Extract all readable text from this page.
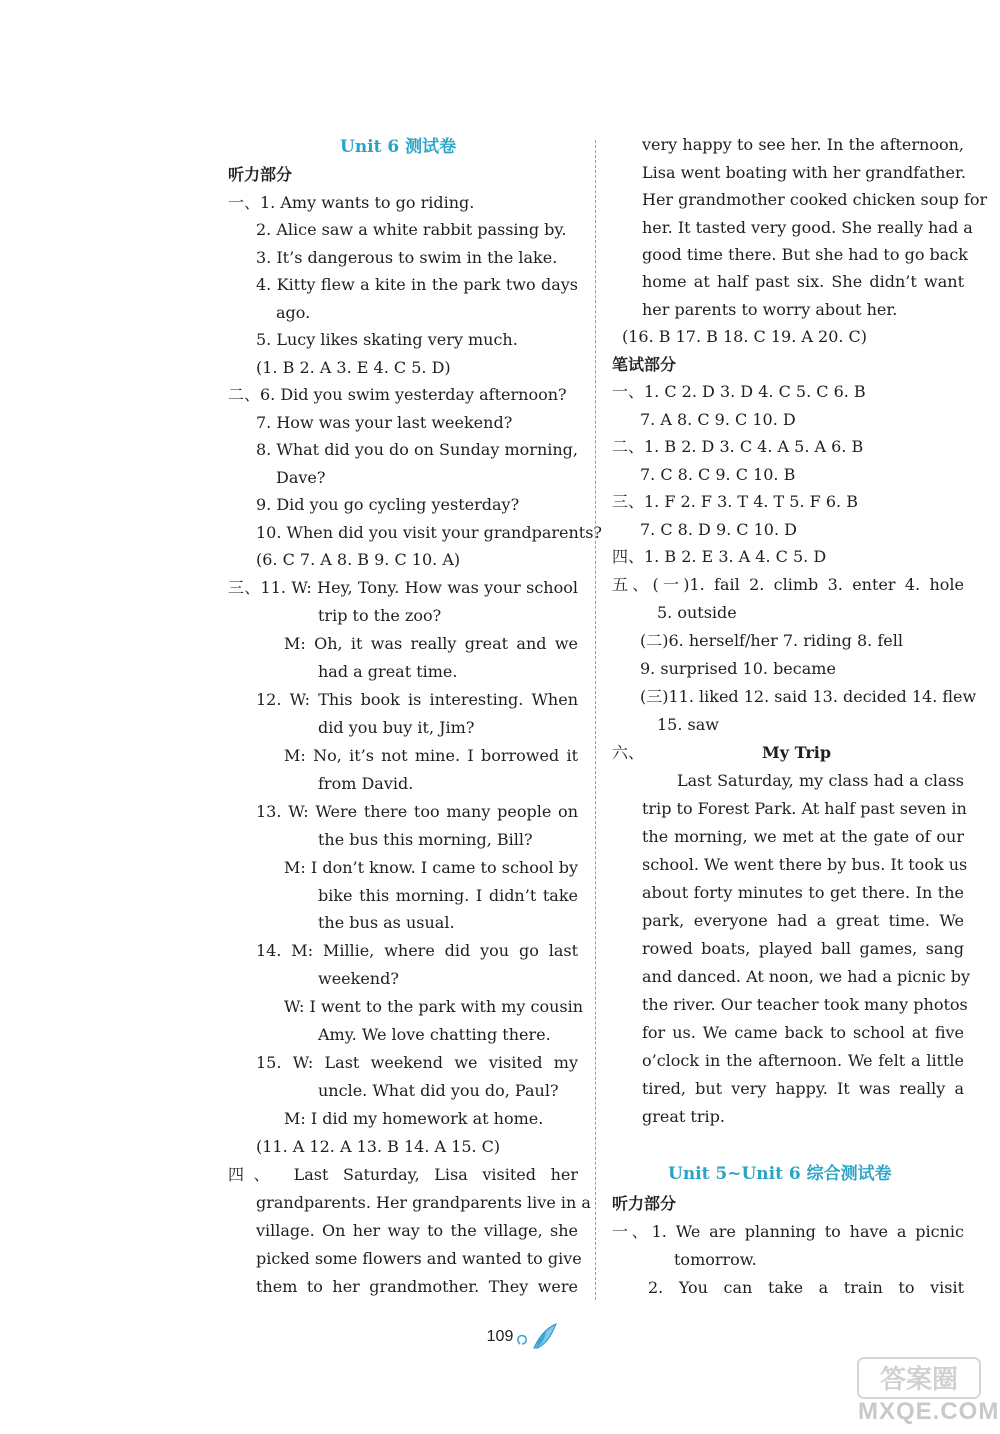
Unit 6 测试卷
听力部分
一、1. Amy wants to go riding.
2. Alice saw a white rabbit passing by.
3. It’s dangerous to swim in the lake.
4. Kitty flew a kite in the park two days
ago.
5. Lucy likes skating very much.
(1. B 2. A 3. E 4. C 5. D)
二、6. Did you swim yesterday afternoon?
7. How was your last weekend?
8. What did you do on Sunday morning,
Dave?
9. Did you go cycling yesterday?
10. When did you visit your grandparents?
(6. C 7. A 8. B 9. C 10. A)
三、11. W: Hey, Tony. How was your school
trip to the zoo?
M: Oh, it was really great and we
had a great time.
12. W: This book is interesting. When
did you buy it, Jim?
M: No, it’s not mine. I borrowed it
from David.
13. W: Were there too many people on
the bus this morning, Bill?
M: I don’t know. I came to school by
bike this morning. I didn’t take
the bus as usual.
14. M: Millie, where did you go last
weekend?
W: I went to the park with my cousin
Amy. We love chatting there.
15. W: Last weekend we visited my
uncle. What did you do, Paul?
M: I did my homework at home.
(11. A 12. A 13. B 14. A 15. C)
四、 Last Saturday, Lisa visited her
grandparents. Her grandparents live in a
village. On her way to the village, she
picked some flowers and wanted to give
them to her grandmother. They were
very happy to see her. In the afternoon,
Lisa went boating with her grandfather.
Her grandmother cooked chicken soup for
her. It tasted very good. She really had a
good time there. But she had to go back
home at half past six. She didn’t want
her parents to worry about her.
(16. B 17. B 18. C 19. A 20. C)
笔试部分
一、1. C 2. D 3. D 4. C 5. C 6. B
7. A 8. C 9. C 10. D
二、1. B 2. D 3. C 4. A 5. A 6. B
7. C 8. C 9. C 10. B
三、1. F 2. F 3. T 4. T 5. F 6. B
7. C 8. D 9. C 10. D
四、1. B 2. E 3. A 4. C 5. D
五、(一)1. fail 2. climb 3. enter 4. hole
5. outside
(二)6. herself/her 7. riding 8. fell
9. surprised 10. became
(三)11. liked 12. said 13. decided 14. flew
15. saw
六、	My Trip
Last Saturday, my class had a class
trip to Forest Park. At half past seven in
the morning, we met at the gate of our
school. We went there by bus. It took us
about forty minutes to get there. In the
park, everyone had a great time. We
rowed boats, played ball games, sang
and danced. At noon, we had a picnic by
the river. Our teacher took many photos
for us. We came back to school at five
o’clock in the afternoon. We felt a little
tired, but very happy. It was really a
great trip.
Unit 5~Unit 6 综合测试卷
听力部分
一、1. We are planning to have a picnic
tomorrow.
2. You can take a train to visit
109
答案圈
MXQE.COM
